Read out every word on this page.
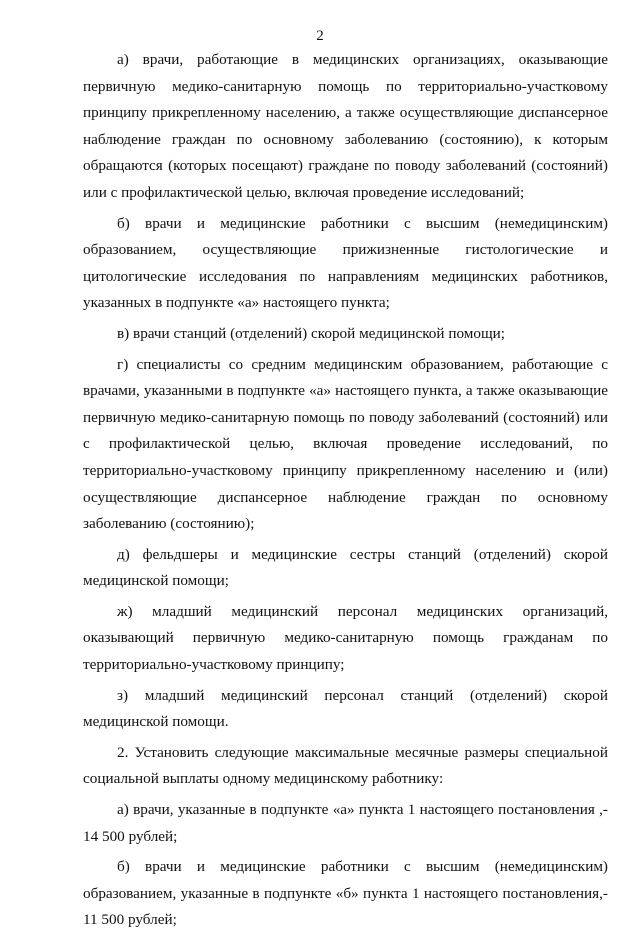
2

а) врачи, работающие в медицинских организациях, оказывающие первичную медико-санитарную помощь по территориально-участковому принципу прикрепленному населению, а также осуществляющие диспансерное наблюдение граждан по основному заболеванию (состоянию), к которым обращаются (которых посещают) граждане по поводу заболеваний (состояний) или с профилактической целью, включая проведение исследований;

б) врачи и медицинские работники с высшим (немедицинским) образованием, осуществляющие прижизненные гистологические и цитологические исследования по направлениям медицинских работников, указанных в подпункте «а» настоящего пункта;

в) врачи станций (отделений) скорой медицинской помощи;

г) специалисты со средним медицинским образованием, работающие с врачами, указанными в подпункте «а» настоящего пункта, а также оказывающие первичную медико-санитарную помощь по поводу заболеваний (состояний) или с профилактической целью, включая проведение исследований, по территориально-участковому принципу прикрепленному населению и (или) осуществляющие диспансерное наблюдение граждан по основному заболеванию (состоянию);

д) фельдшеры и медицинские сестры станций (отделений) скорой медицинской помощи;

ж) младший медицинский персонал медицинских организаций, оказывающий первичную медико-санитарную помощь гражданам по территориально-участковому принципу;

з) младший медицинский персонал станций (отделений) скорой медицинской помощи.

2. Установить следующие максимальные месячные размеры специальной социальной выплаты одному медицинскому работнику:

а) врачи, указанные в подпункте «а» пункта 1 настоящего постановления ,- 14 500 рублей;

б) врачи и медицинские работники с высшим (немедицинским) образованием, указанные в подпункте «б» пункта 1 настоящего постановления,- 11 500 рублей;
